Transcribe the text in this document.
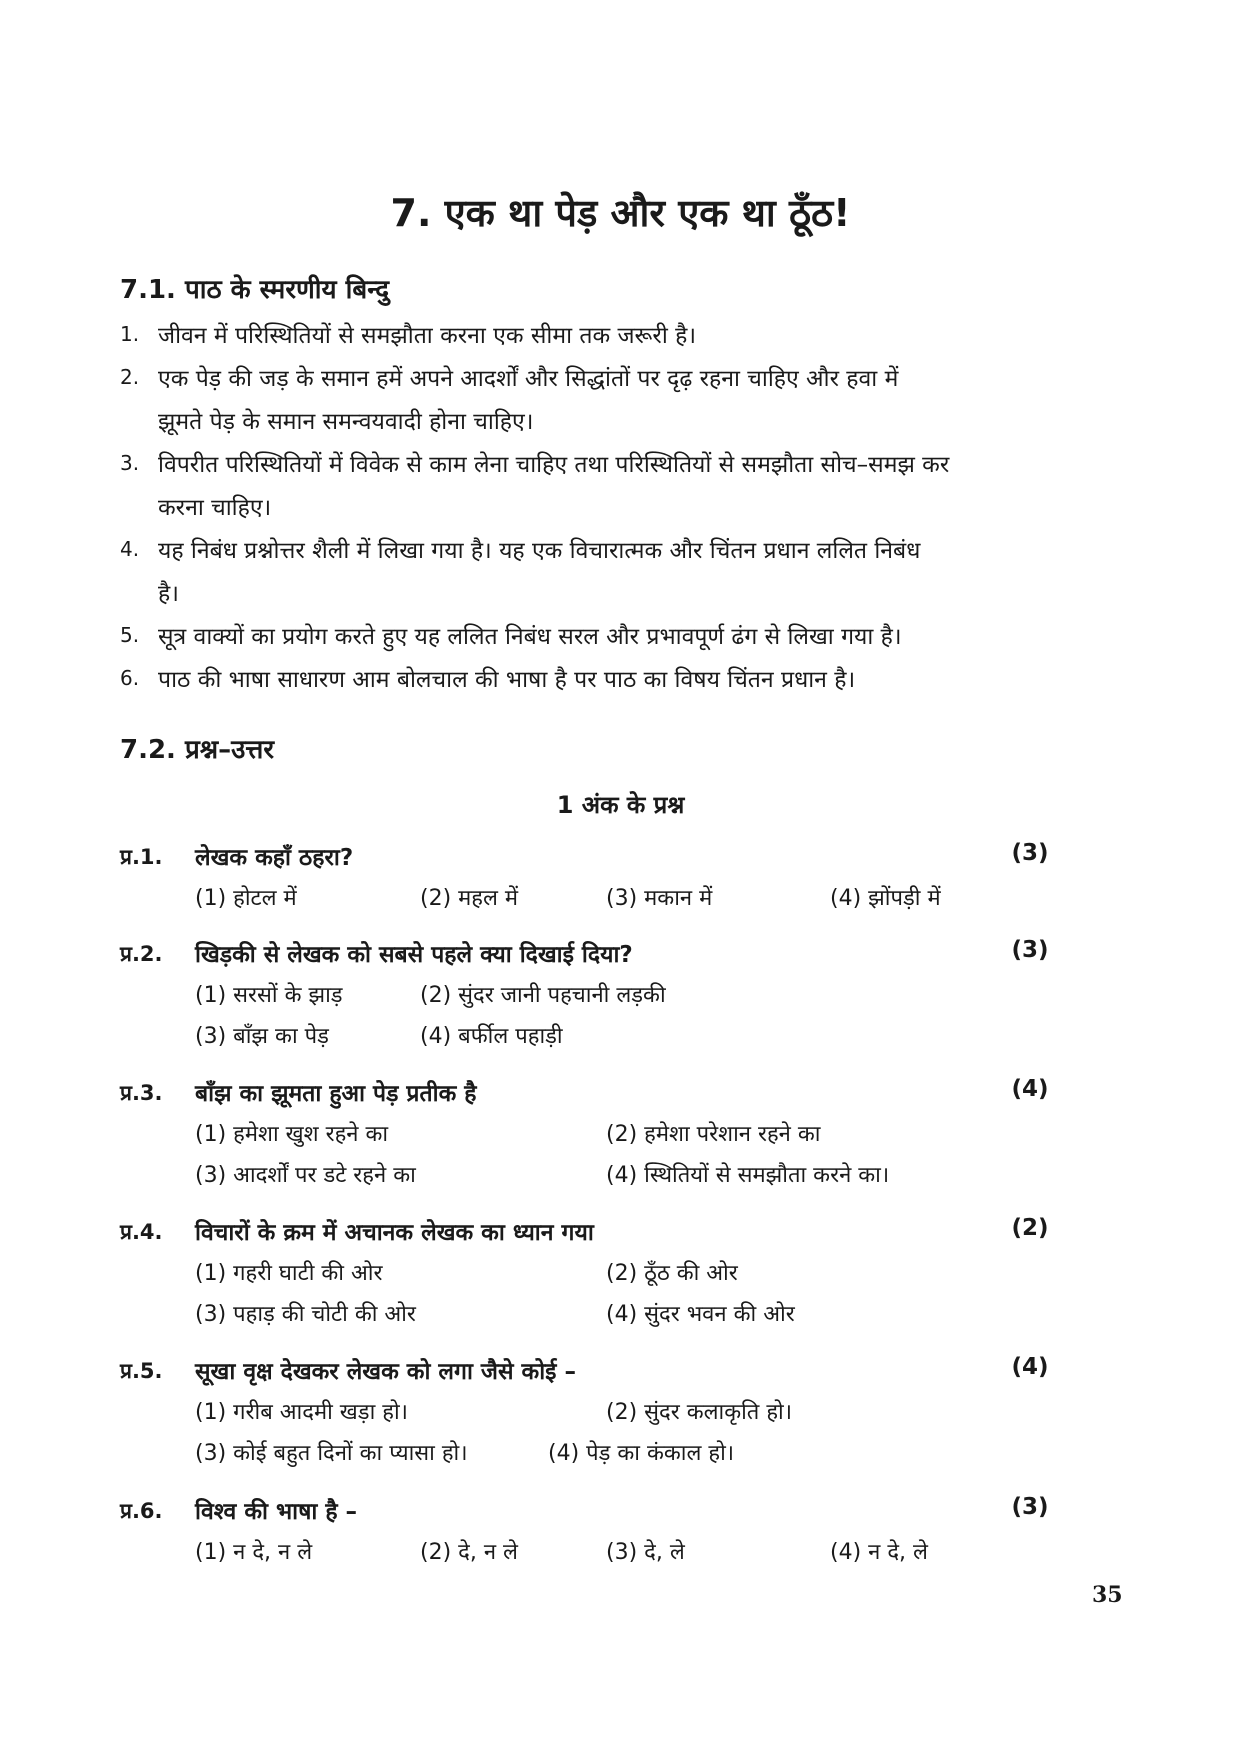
7. एक था पेड़ और एक था ठूँठ!
7.1. पाठ के स्मरणीय बिन्दु
1. जीवन में परिस्थितियों से समझौता करना एक सीमा तक जरूरी है।
2. एक पेड़ की जड़ के समान हमें अपने आदर्शों और सिद्धांतों पर दृढ़ रहना चाहिए और हवा में
झूमते पेड़ के समान समन्वयवादी होना चाहिए।
3. विपरीत परिस्थितियों में विवेक से काम लेना चाहिए तथा परिस्थितियों से समझौता सोच–समझ कर
करना चाहिए।
4. यह निबंध प्रश्नोत्तर शैली में लिखा गया है। यह एक विचारात्मक और चिंतन प्रधान ललित निबंध
है।
5. सूत्र वाक्यों का प्रयोग करते हुए यह ललित निबंध सरल और प्रभावपूर्ण ढंग से लिखा गया है।
6. पाठ की भाषा साधारण आम बोलचाल की भाषा है पर पाठ का विषय चिंतन प्रधान है।
7.2. प्रश्न–उत्तर
1 अंक के प्रश्न
प्र.1. लेखक कहाँ ठहरा?	(3)
(1) होटल में	(2) महल में	(3) मकान में	(4) झोंपड़ी में
प्र.2. खिड़की से लेखक को सबसे पहले क्या दिखाई दिया?	(3)
(1) सरसों के झाड़	(2) सुंदर जानी पहचानी लड़की
(3) बाँझ का पेड़	(4) बर्फील पहाड़ी
प्र.3. बाँझ का झूमता हुआ पेड़ प्रतीक है	(4)
(1) हमेशा खुश रहने का	(2) हमेशा परेशान रहने का
(3) आदर्शों पर डटे रहने का	(4) स्थितियों से समझौता करने का।
प्र.4. विचारों के क्रम में अचानक लेखक का ध्यान गया	(2)
(1) गहरी घाटी की ओर	(2) ठूँठ की ओर
(3) पहाड़ की चोटी की ओर	(4) सुंदर भवन की ओर
प्र.5. सूखा वृक्ष देखकर लेखक को लगा जैसे कोई –	(4)
(1) गरीब आदमी खड़ा हो।	(2) सुंदर कलाकृति हो।
(3) कोई बहुत दिनों का प्यासा हो।	(4) पेड़ का कंकाल हो।
प्र.6. विश्व की भाषा है –	(3)
(1) न दे, न ले	(2) दे, न ले	(3) दे, ले	(4) न दे, ले
35
